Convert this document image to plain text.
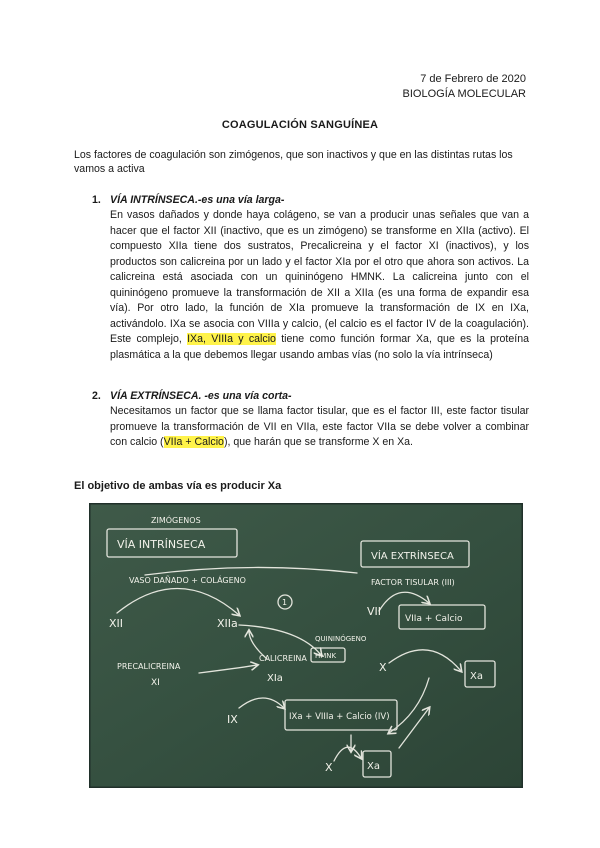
7 de Febrero de 2020
BIOLOGÍA MOLECULAR
COAGULACIÓN SANGUÍNEA
Los factores de coagulación son zimógenos, que son inactivos y que en las distintas rutas los vamos a activa
1. VÍA INTRÍNSECA.-es una vía larga-
En vasos dañados y donde haya colágeno, se van a producir unas señales que van a hacer que el factor XII (inactivo, que es un zimógeno) se transforme en XIIa (activo). El compuesto XIIa tiene dos sustratos, Precalicreina y el factor XI (inactivos), y los productos son calicreina por un lado y el factor XIa por el otro que ahora son activos. La calicreina está asociada con un quininógeno HMNK. La calicreina junto con el quininógeno promueve la transformación de XII a XIIa (es una forma de expandir esa vía). Por otro lado, la función de XIa promueve la transformación de IX en IXa, activándolo. IXa se asocia con VIIIa y calcio, (el calcio es el factor IV de la coagulación). Este complejo, IXa, VIIIa y calcio tiene como función formar Xa, que es la proteína plasmática a la que debemos llegar usando ambas vías (no solo la vía intrínseca)
2. VÍA EXTRÍNSECA. -es una vía corta-
Necesitamos un factor que se llama factor tisular, que es el factor III, este factor tisular promueve la transformación de VII en VIIa, este factor VIIa se debe volver a combinar con calcio (VIIa + Calcio), que harán que se transforme X en Xa.
El objetivo de ambas vía es producir Xa
ZIMÓGENOS
VÍA INTRÍNSECA
VÍA EXTRÍNSECA
VASO DAÑADO + COLÁGENO	FACTOR TISULAR (III)
XII	XIIa
1
VII
VIIa + Calcio
QUININÓGENO
HMNK
PRECALICREINA
XI
CALICREINA
XIa
X
Xa
IX	IXa + VIIIa + Calcio (IV)
X	Xa
